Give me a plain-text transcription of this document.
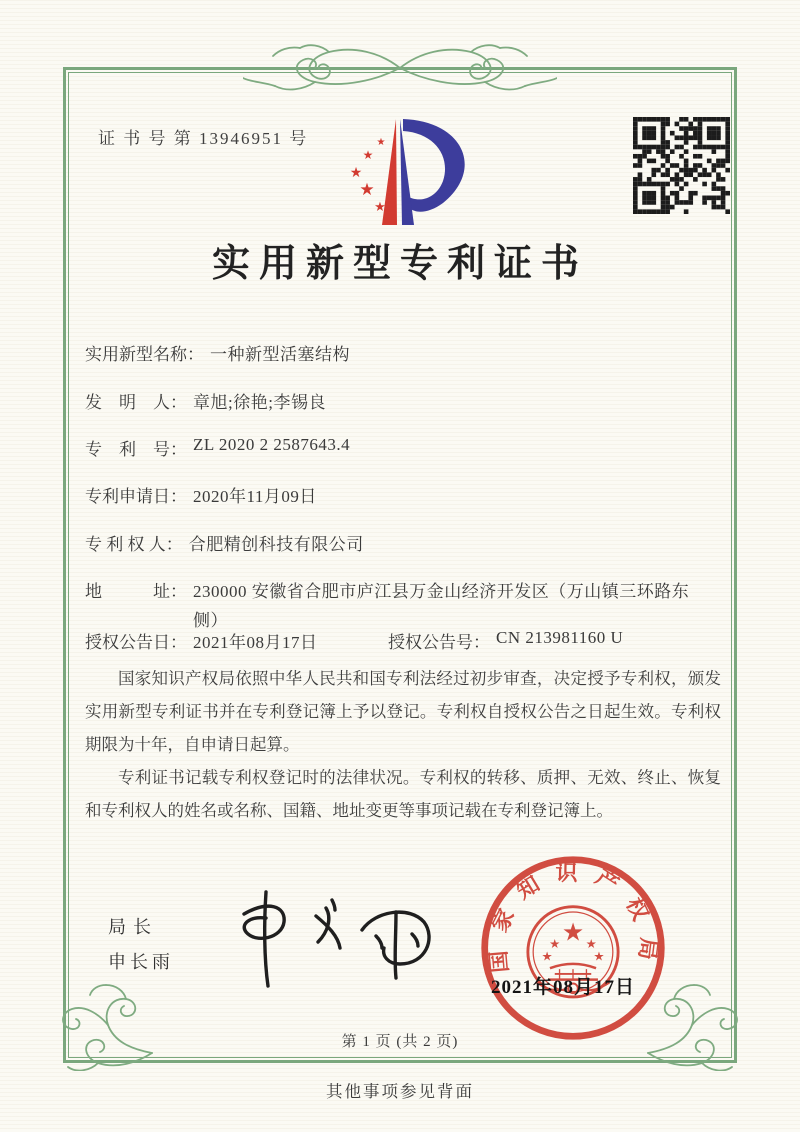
证 书 号 第 13946951 号	★
★
★
★
★
实用新型专利证书
实用新型名称： 一种新型活塞结构
发　明　人： 章旭;徐艳;李锡良
专　利　号： ZL 2020 2 2587643.4
专利申请日： 2020年11月09日
专 利 权 人： 合肥精创科技有限公司
地　　　址： 230000 安徽省合肥市庐江县万金山经济开发区（万山镇三环路东侧）
授权公告日： 2021年08月17日	授权公告号： CN 213981160 U

国家知识产权局依照中华人民共和国专利法经过初步审查，决定授予专利权，颁发实用新型专利证书并在专利登记簿上予以登记。专利权自授权公告之日起生效。专利权期限为十年，自申请日起算。

专利证书记载专利权登记时的法律状况。专利权的转移、质押、无效、终止、恢复和专利权人的姓名或名称、国籍、地址变更等事项记载在专利登记簿上。

局长
申长雨	国家知识产权局
★
★ ★
★	★
2021年08月17日
第 1 页 (共 2 页)
其他事项参见背面
